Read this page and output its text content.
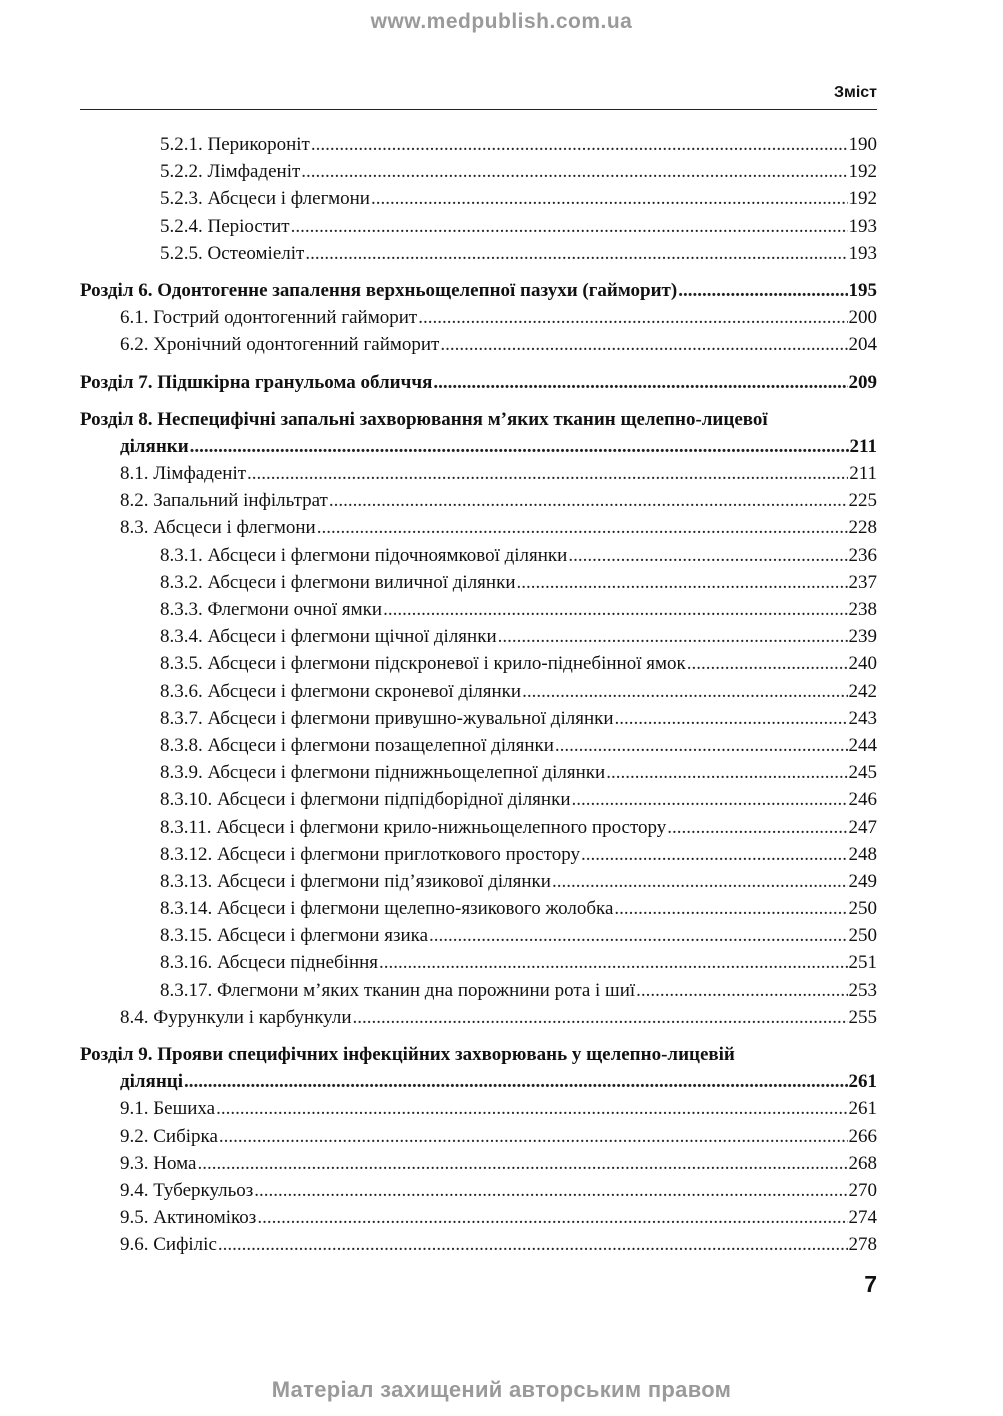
www.medpublish.com.ua
Зміст
5.2.1. Перикороніт .....	190
5.2.2. Лімфаденіт .....	192
5.2.3. Абсцеси і флегмони .....	192
5.2.4. Періостит .....	193
5.2.5. Остеоміеліт .....	193
Розділ 6. Одонтогенне запалення верхньощелепної пазухи (гайморит) .....	195
6.1. Гострий одонтогенний гайморит .....	200
6.2. Хронічний одонтогенний гайморит .....	204
Розділ 7. Підшкірна гранульома обличчя .....	209
Розділ 8. Неспецифічні запальні захворювання м’яких тканин щелепно-лицевої
ділянки .....	211
8.1. Лімфаденіт .....	211
8.2. Запальний інфільтрат .....	225
8.3. Абсцеси і флегмони .....	228
8.3.1. Абсцеси і флегмони підочноямкової ділянки .....	236
8.3.2. Абсцеси і флегмони виличної ділянки .....	237
8.3.3. Флегмони очної ямки .....	238
8.3.4. Абсцеси і флегмони щічної ділянки .....	239
8.3.5. Абсцеси і флегмони підскроневої і крило-піднебінної ямок .....	240
8.3.6. Абсцеси і флегмони скроневої ділянки .....	242
8.3.7. Абсцеси і флегмони привушно-жувальної ділянки .....	243
8.3.8. Абсцеси і флегмони позащелепної ділянки .....	244
8.3.9. Абсцеси і флегмони піднижньощелепної ділянки .....	245
8.3.10. Абсцеси і флегмони підпідборідної ділянки .....	246
8.3.11. Абсцеси і флегмони крило-нижньощелепного простору .....	247
8.3.12. Абсцеси і флегмони приглоткового простору .....	248
8.3.13. Абсцеси і флегмони під’язикової ділянки .....	249
8.3.14. Абсцеси і флегмони щелепно-язикового жолобка .....	250
8.3.15. Абсцеси і флегмони язика .....	250
8.3.16. Абсцеси піднебіння .....	251
8.3.17. Флегмони м’яких тканин дна порожнини рота і шиї .....	253
8.4. Фурункули і карбункули .....	255
Розділ 9. Прояви специфічних інфекційних захворювань у щелепно-лицевій
ділянці .....	261
9.1. Бешиха .....	261
9.2. Сибірка .....	266
9.3. Нома .....	268
9.4. Туберкульоз .....	270
9.5. Актиномікоз .....	274
9.6. Сифіліс .....	278
7
Матеріал захищений авторським правом
